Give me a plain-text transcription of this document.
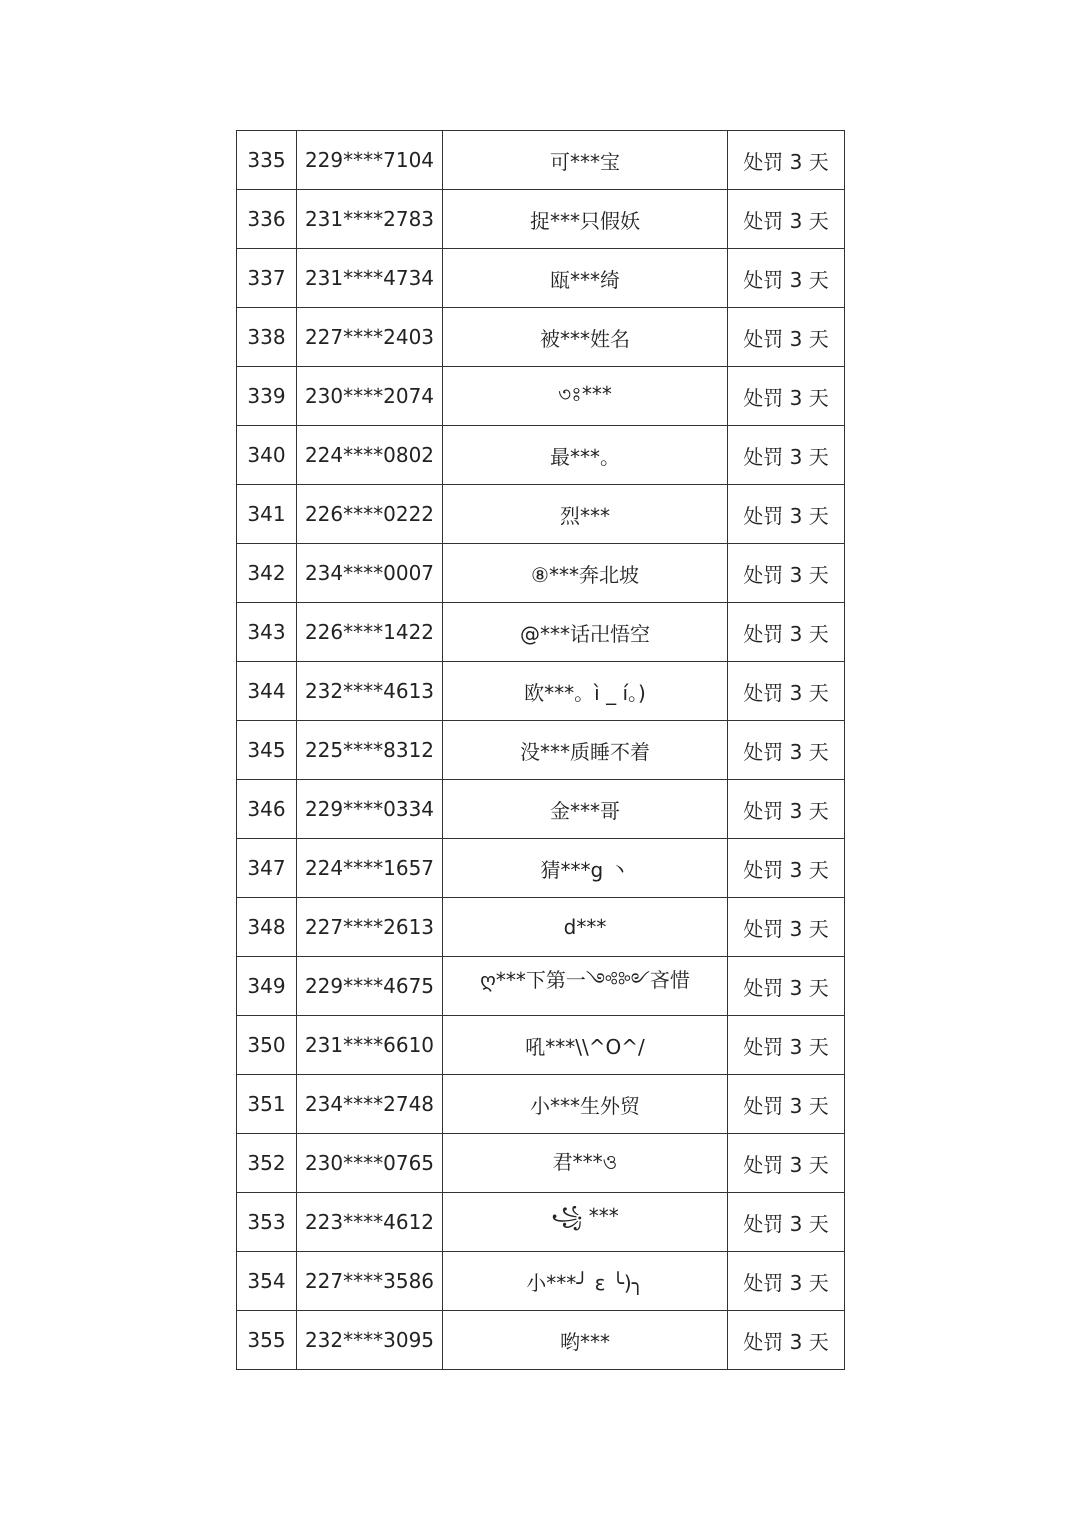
335	229****7104	可***宝	处罚 3 天
336	231****2783	捉***只假妖	处罚 3 天
337	231****4734	瓯***绮	处罚 3 天
338	227****2403	被***姓名	处罚 3 天
339	230****2074	৩ঃ***	处罚 3 天
340	224****0802	最***。	处罚 3 天
341	226****0222	烈***	处罚 3 天
342	234****0007	⑧***奔北坡	处罚 3 天
343	226****1422	@***话卍悟空	处罚 3 天
344	232****4613	欧***。ì _ í。)	处罚 3 天
345	225****8312	没***质睡不着	处罚 3 天
346	229****0334	金***哥	处罚 3 天
347	224****1657	猜***g 丶	处罚 3 天
348	227****2613	d***	处罚 3 天
349	229****4675	ღ***下第一༺༻吝惜	处罚 3 天
350	231****6610	吼***\\^O^/	处罚 3 天
351	234****2748	小***生外贸	处罚 3 天
352	230****0765	君***ও	处罚 3 天
353	223****4612	꧁ ***	处罚 3 天
354	227****3586	小***╯ ε ╰)╮	处罚 3 天
355	232****3095	哟***	处罚 3 天
